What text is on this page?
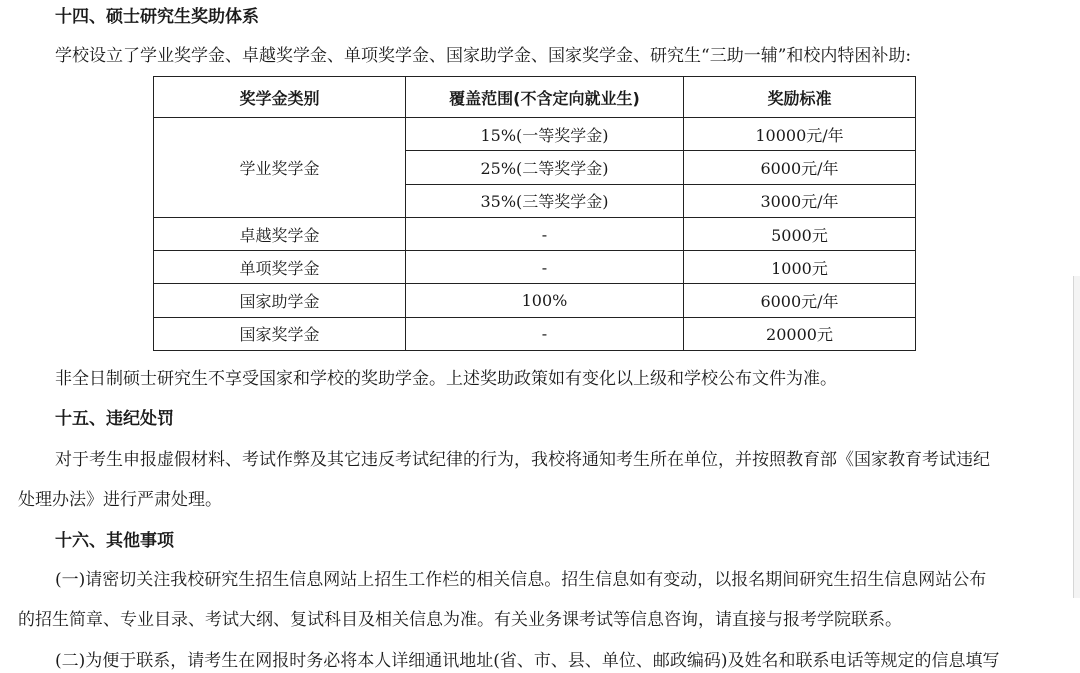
十四、硕士研究生奖助体系
学校设立了学业奖学金、卓越奖学金、单项奖学金、国家助学金、国家奖学金、研究生“三助一辅”和校内特困补助:
奖学金类别	覆盖范围(不含定向就业生)	奖励标准
学业奖学金	15%(一等奖学金)	10000元/年
	25%(二等奖学金)	6000元/年
	35%(三等奖学金)	3000元/年
卓越奖学金	-	5000元
单项奖学金	-	1000元
国家助学金	100%	6000元/年
国家奖学金	-	20000元
非全日制硕士研究生不享受国家和学校的奖助学金。上述奖助政策如有变化以上级和学校公布文件为准。
十五、违纪处罚
对于考生申报虚假材料、考试作弊及其它违反考试纪律的行为，我校将通知考生所在单位，并按照教育部《国家教育考试违纪
处理办法》进行严肃处理。
十六、其他事项
(一)请密切关注我校研究生招生信息网站上招生工作栏的相关信息。招生信息如有变动，以报名期间研究生招生信息网站公布
的招生简章、专业目录、考试大纲、复试科目及相关信息为准。有关业务课考试等信息咨询，请直接与报考学院联系。
(二)为便于联系，请考生在网报时务必将本人详细通讯地址(省、市、县、单位、邮政编码)及姓名和联系电话等规定的信息填写
